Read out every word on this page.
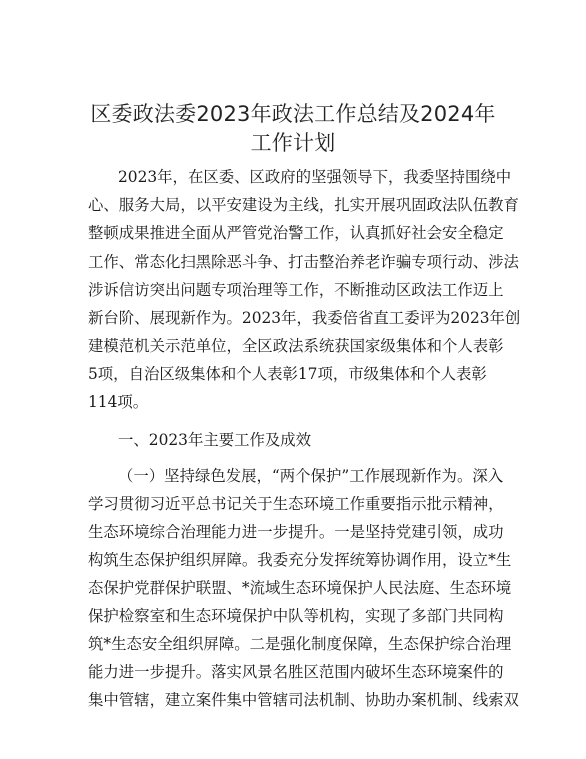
区委政法委2023年政法工作总结及2024年工作计划
2023年，在区委、区政府的坚强领导下，我委坚持围绕中
心、服务大局，以平安建设为主线，扎实开展巩固政法队伍教育
整顿成果推进全面从严管党治警工作，认真抓好社会安全稳定
工作、常态化扫黑除恶斗争、打击整治养老诈骗专项行动、涉法
涉诉信访突出问题专项治理等工作，不断推动区政法工作迈上
新台阶、展现新作为。2023年，我委倍省直工委评为2023年创
建模范机关示范单位，全区政法系统获国家级集体和个人表彰
5项，自治区级集体和个人表彰17项，市级集体和个人表彰
114项。
一、2023年主要工作及成效
（一）坚持绿色发展，“两个保护”工作展现新作为。深入
学习贯彻习近平总书记关于生态环境工作重要指示批示精神，
生态环境综合治理能力进一步提升。一是坚持党建引领，成功
构筑生态保护组织屏障。我委充分发挥统筹协调作用，设立*生
态保护党群保护联盟、*流域生态环境保护人民法庭、生态环境
保护检察室和生态环境保护中队等机构，实现了多部门共同构
筑*生态安全组织屏障。二是强化制度保障，生态保护综合治理
能力进一步提升。落实风景名胜区范围内破坏生态环境案件的
集中管辖，建立案件集中管辖司法机制、协助办案机制、线索双
